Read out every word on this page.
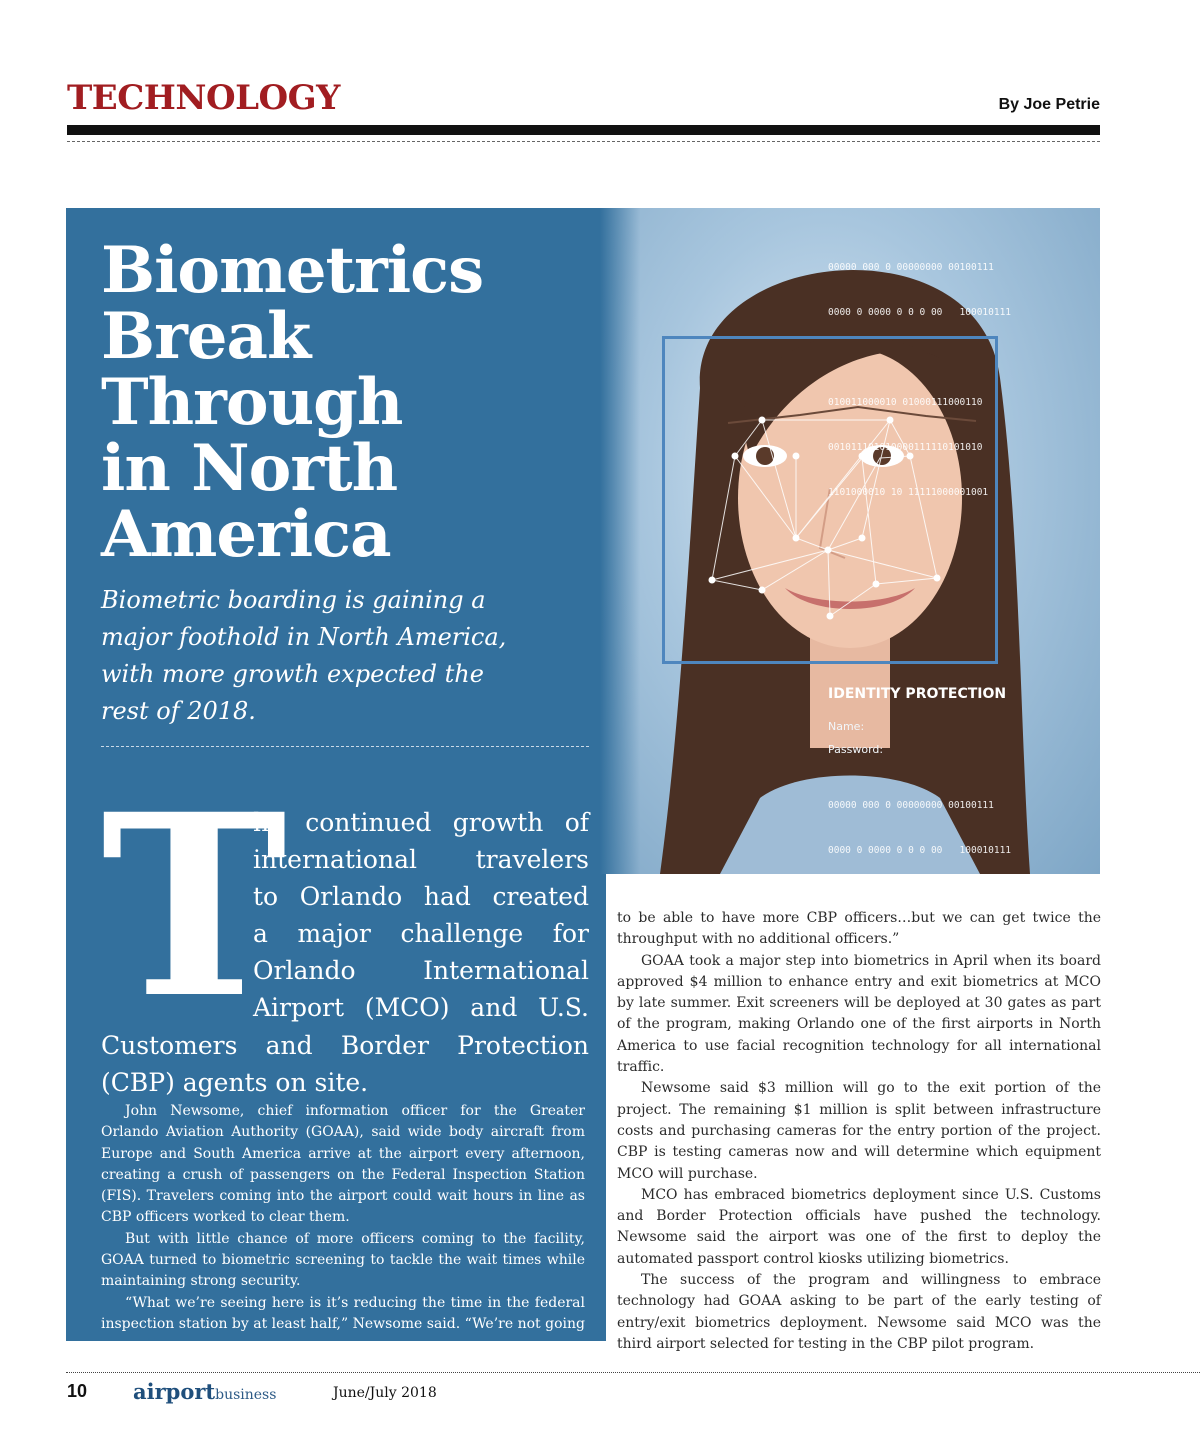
TECHNOLOGY	By Joe Petrie

00000 000 0 00000000 00100111

0000 0 0000 0 0 0 00   100010111

010011000010 01000111000110

001011101010000111110101010

1101000010 10 11111000001001

IDENTITY PROTECTION
Name:
Password:

00000 000 0 00000000 00100111

0000 0 0000 0 0 0 00   100010111

Biometrics
Break
Through
in North
America

Biometric boarding is gaining a
major foothold in North America,
with more growth expected the
rest of 2018.

T
he continued growth of
international travelers
to Orlando had created
a major challenge for
Orlando International
Airport (MCO) and U.S.
Customers and Border Protection
(CBP) agents on site.

John Newsome, chief information officer for the Greater Orlando Aviation Authority (GOAA), said wide body aircraft from Europe and South America arrive at the airport every afternoon, creating a crush of passengers on the Federal Inspection Station (FIS). Travelers coming into the airport could wait hours in line as CBP officers worked to clear them.

But with little chance of more officers coming to the facility, GOAA turned to biometric screening to tackle the wait times while maintaining strong security.

“What we’re seeing here is it’s reducing the time in the federal inspection station by at least half,” Newsome said. “We’re not going

to be able to have more CBP officers…but we can get twice the throughput with no additional officers.”

GOAA took a major step into biometrics in April when its board approved $4 million to enhance entry and exit biometrics at MCO by late summer. Exit screeners will be deployed at 30 gates as part of the program, making Orlando one of the first airports in North America to use facial recognition technology for all international traffic.

Newsome said $3 million will go to the exit portion of the project. The remaining $1 million is split between infrastructure costs and purchasing cameras for the entry portion of the project. CBP is testing cameras now and will determine which equipment MCO will purchase.

MCO has embraced biometrics deployment since U.S. Customs and Border Protection officials have pushed the technology. Newsome said the airport was one of the first to deploy the automated passport control kiosks utilizing biometrics.

The success of the program and willingness to embrace technology had GOAA asking to be part of the early testing of entry/exit biometrics deployment. Newsome said MCO was the third airport selected for testing in the CBP pilot program.

10 airportbusiness	June/July 2018
